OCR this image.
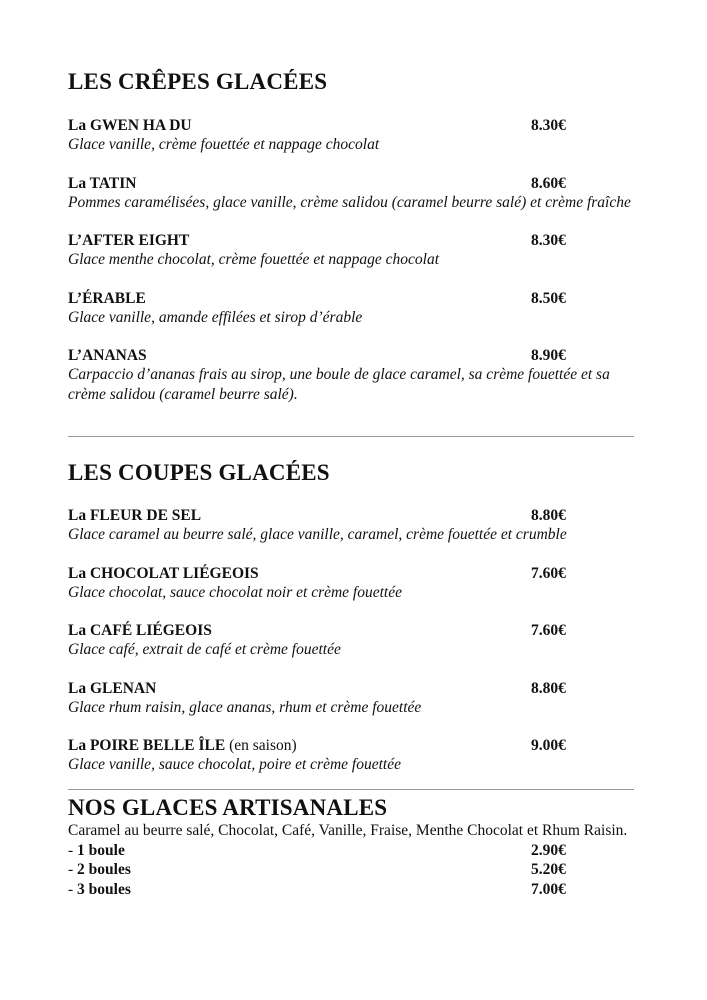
LES CRÊPES GLACÉES
La GWEN HA DU	8.30€
Glace vanille, crème fouettée et nappage chocolat
La TATIN	8.60€
Pommes caramélisées, glace vanille, crème salidou (caramel beurre salé) et crème fraîche
L’AFTER EIGHT	8.30€
Glace menthe chocolat, crème fouettée et nappage chocolat
L’ÉRABLE	8.50€
Glace vanille, amande effilées et sirop d’érable
L’ANANAS	8.90€
Carpaccio d’ananas frais au sirop, une boule de glace caramel, sa crème fouettée et sa crème salidou (caramel beurre salé).
LES COUPES GLACÉES
La FLEUR DE SEL	8.80€
Glace caramel au beurre salé, glace vanille, caramel, crème fouettée et crumble
La CHOCOLAT LIÉGEOIS	7.60€
Glace chocolat, sauce chocolat noir et crème fouettée
La CAFÉ LIÉGEOIS	7.60€
Glace café, extrait de café et crème fouettée
La GLENAN	8.80€
Glace rhum raisin, glace ananas, rhum et crème fouettée
La POIRE BELLE ÎLE (en saison)	9.00€
Glace vanille, sauce chocolat, poire et crème fouettée
NOS GLACES ARTISANALES
Caramel au beurre salé, Chocolat, Café, Vanille, Fraise, Menthe Chocolat et Rhum Raisin.
- 1 boule	2.90€
- 2 boules	5.20€
- 3 boules	7.00€
